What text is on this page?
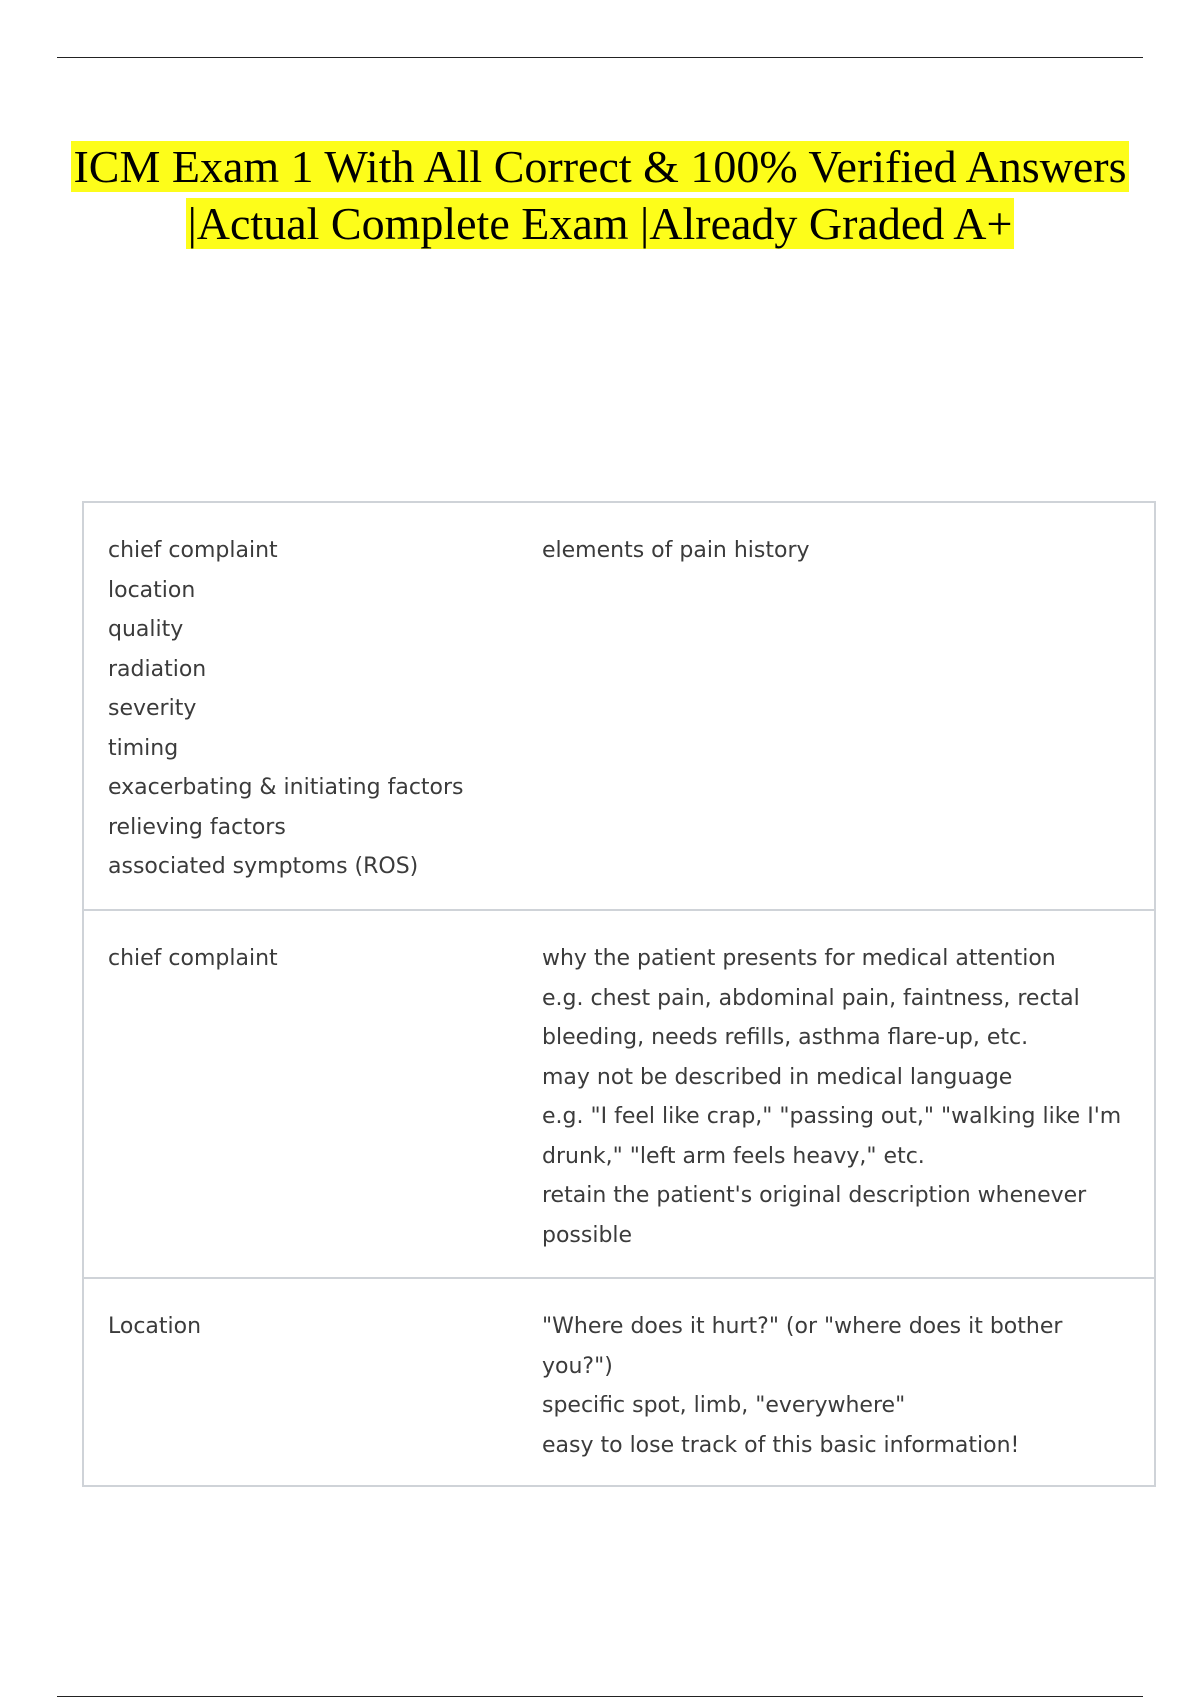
ICM Exam 1 With All Correct & 100% Verified Answers
|Actual Complete Exam |Already Graded A+
chief complaint
location
quality
radiation
severity
timing
exacerbating & initiating factors
relieving factors
associated symptoms (ROS)
elements of pain history
chief complaint	why the patient presents for medical attention
e.g. chest pain, abdominal pain, faintness, rectal
bleeding, needs refills, asthma flare-up, etc.
may not be described in medical language
e.g. "I feel like crap," "passing out," "walking like I'm
drunk," "left arm feels heavy," etc.
retain the patient's original description whenever
possible
Location	"Where does it hurt?" (or "where does it bother
you?")
specific spot, limb, "everywhere"
easy to lose track of this basic information!
